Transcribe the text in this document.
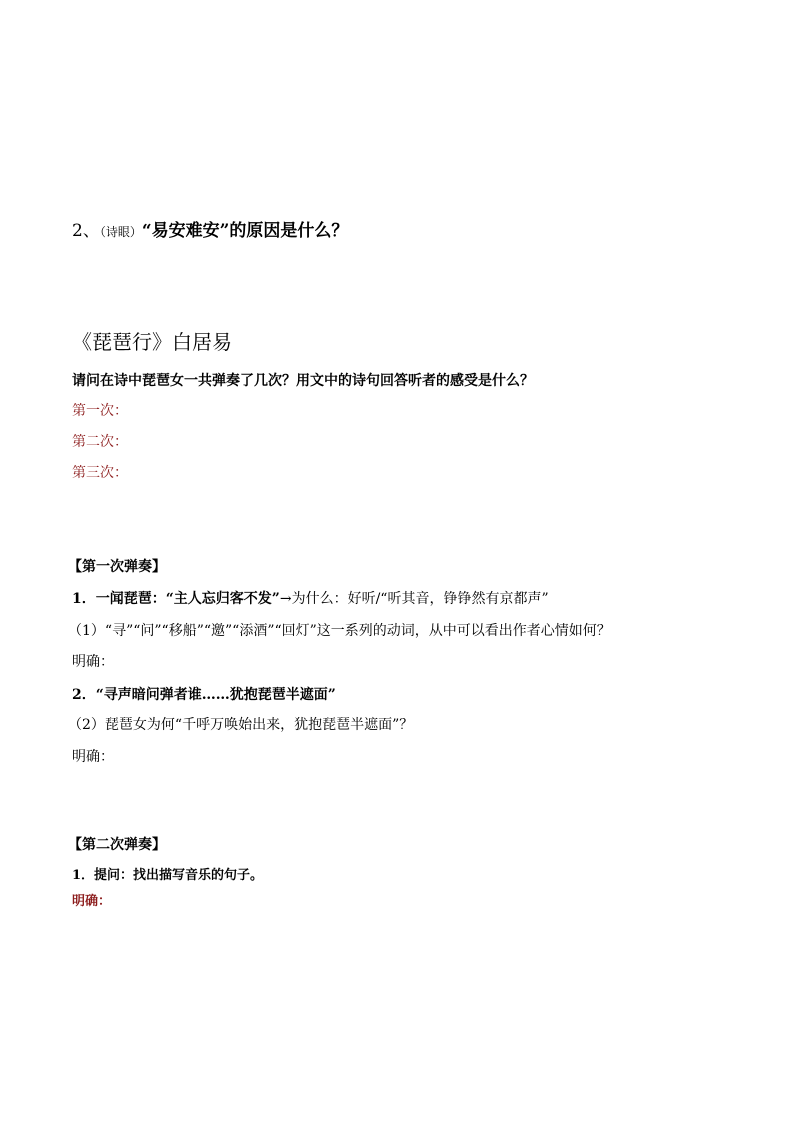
2、（诗眼）“易安难安”的原因是什么？
《琵琶行》白居易
请问在诗中琵琶女一共弹奏了几次？用文中的诗句回答听者的感受是什么？
第一次：
第二次：
第三次：
【第一次弹奏】
1．一闻琵琶：“主人忘归客不发”→为什么：好听/“听其音，铮铮然有京都声”
（1）“寻”“问”“移船”“邀”“添酒”“回灯”这一系列的动词，从中可以看出作者心情如何？
明确：
2．“寻声暗问弹者谁……犹抱琵琶半遮面”
（2）琵琶女为何“千呼万唤始出来，犹抱琵琶半遮面”？
明确：
【第二次弹奏】
1．提问：找出描写音乐的句子。
明确：
